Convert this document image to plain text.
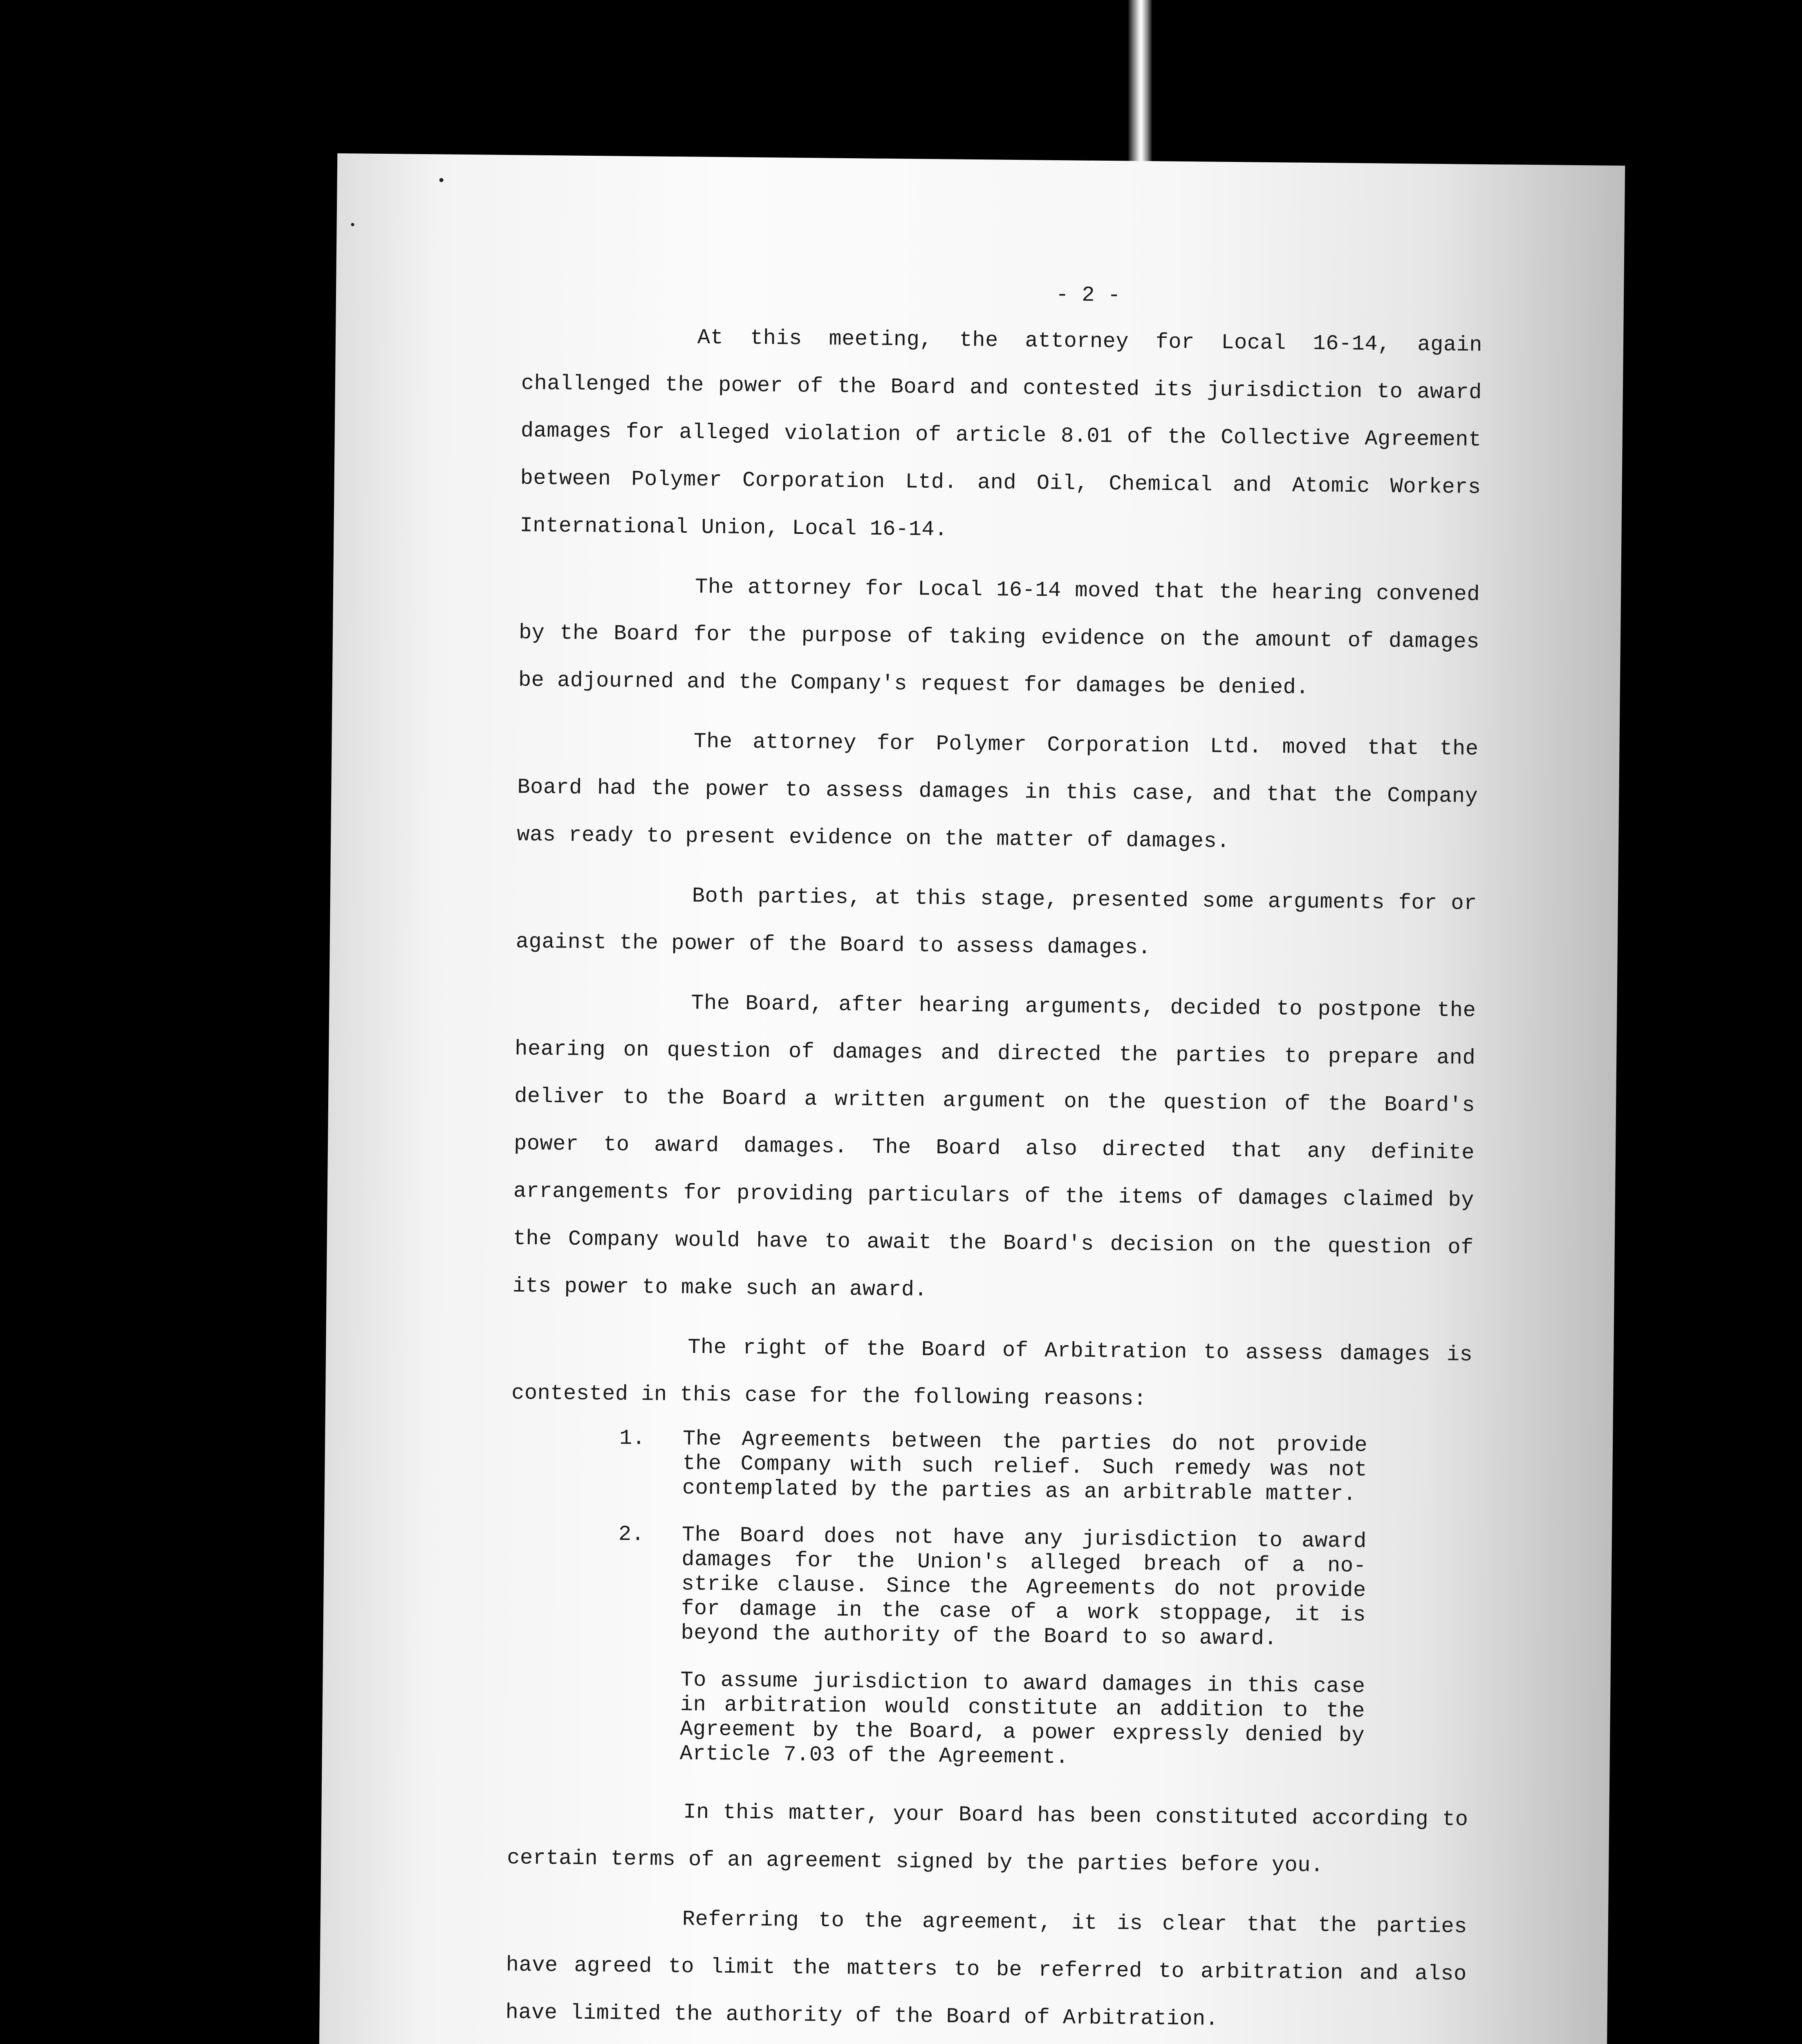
- 2 -

At this meeting, the attorney for Local 16-14, again challenged the power of the Board and contested its jurisdiction to award damages for alleged violation of article 8.01 of the Collective Agreement between Polymer Corporation Ltd. and Oil, Chemical and Atomic Workers International Union, Local 16-14.

The attorney for Local 16-14 moved that the hearing convened by the Board for the purpose of taking evidence on the amount of damages be adjourned and the Company's request for damages be denied.

The attorney for Polymer Corporation Ltd. moved that the Board had the power to assess damages in this case, and that the Company was ready to present evidence on the matter of damages.

Both parties, at this stage, presented some arguments for or against the power of the Board to assess damages.

The Board, after hearing arguments, decided to postpone the hearing on question of damages and directed the parties to prepare and deliver to the Board a written argument on the question of the Board's power to award damages. The Board also directed that any definite arrangements for providing particulars of the items of damages claimed by the Company would have to await the Board's decision on the question of its power to make such an award.

The right of the Board of Arbitration to assess damages is contested in this case for the following reasons:

1. The Agreements between the parties do not provide the Company with such relief. Such remedy was not contemplated by the parties as an arbitrable matter.
2. The Board does not have any jurisdiction to award damages for the Union's alleged breach of a no-strike clause. Since the Agreements do not provide for damage in the case of a work stoppage, it is beyond the authority of the Board to so award.
To assume jurisdiction to award damages in this case in arbitration would constitute an addition to the Agreement by the Board, a power expressly denied by Article 7.03 of the Agreement.

In this matter, your Board has been constituted according to certain terms of an agreement signed by the parties before you.

Referring to the agreement, it is clear that the parties have agreed to limit the matters to be referred to arbitration and also have limited the authority of the Board of Arbitration.
